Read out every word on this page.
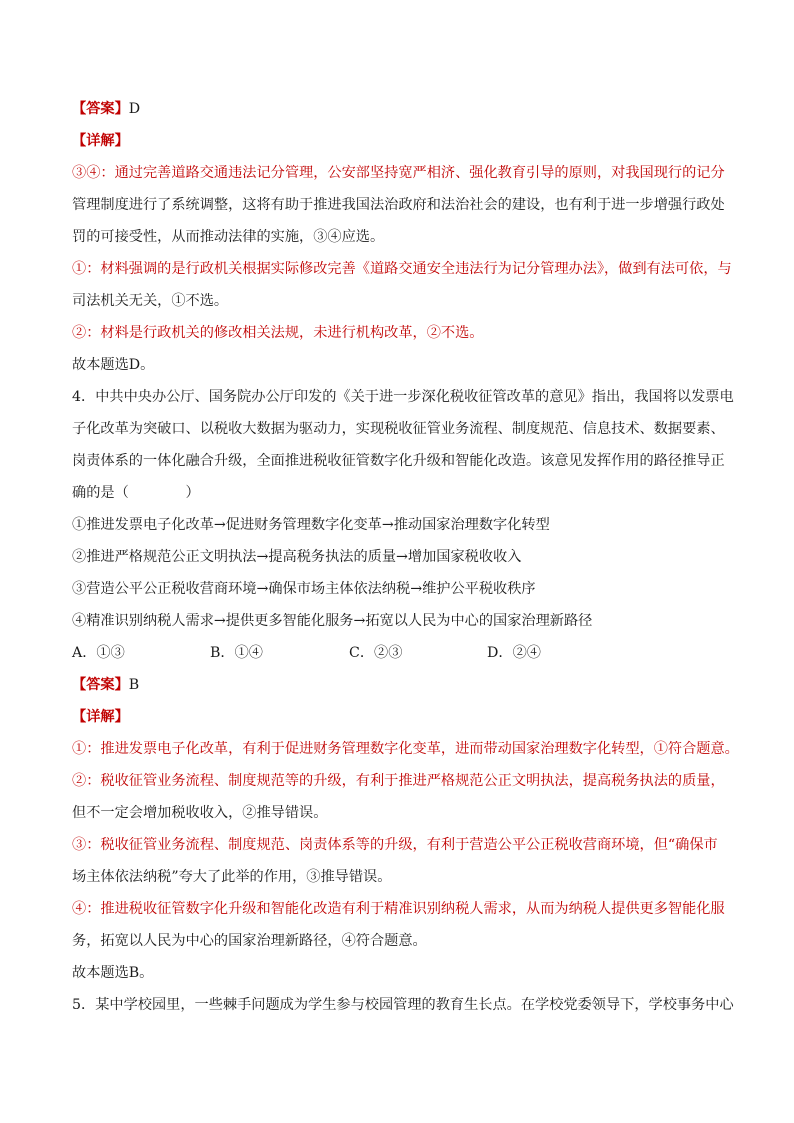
【答案】D
【详解】
③④：通过完善道路交通违法记分管理，公安部坚持宽严相济、强化教育引导的原则，对我国现行的记分
管理制度进行了系统调整，这将有助于推进我国法治政府和法治社会的建设，也有利于进一步增强行政处
罚的可接受性，从而推动法律的实施，③④应选。
①：材料强调的是行政机关根据实际修改完善《道路交通安全违法行为记分管理办法》，做到有法可依，与
司法机关无关，①不选。
②：材料是行政机关的修改相关法规，未进行机构改革，②不选。
故本题选D。
4．中共中央办公厅、国务院办公厅印发的《关于进一步深化税收征管改革的意见》指出，我国将以发票电
子化改革为突破口、以税收大数据为驱动力，实现税收征管业务流程、制度规范、信息技术、数据要素、
岗责体系的一体化融合升级，全面推进税收征管数字化升级和智能化改造。该意见发挥作用的路径推导正
确的是（　　　　）
①推进发票电子化改革→促进财务管理数字化变革→推动国家治理数字化转型
②推进严格规范公正文明执法→提高税务执法的质量→增加国家税收收入
③营造公平公正税收营商环境→确保市场主体依法纳税→维护公平税收秩序
④精准识别纳税人需求→提供更多智能化服务→拓宽以人民为中心的国家治理新路径
A．①③	B．①④	C．②③	D．②④
【答案】B
【详解】
①：推进发票电子化改革，有利于促进财务管理数字化变革，进而带动国家治理数字化转型，①符合题意。
②：税收征管业务流程、制度规范等的升级，有利于推进严格规范公正文明执法，提高税务执法的质量，
但不一定会增加税收收入，②推导错误。
③：税收征管业务流程、制度规范、岗责体系等的升级，有利于营造公平公正税收营商环境，但“确保市
场主体依法纳税”夸大了此举的作用，③推导错误。
④：推进税收征管数字化升级和智能化改造有利于精准识别纳税人需求，从而为纳税人提供更多智能化服
务，拓宽以人民为中心的国家治理新路径，④符合题意。
故本题选B。
5．某中学校园里，一些棘手问题成为学生参与校园管理的教育生长点。在学校党委领导下，学校事务中心
